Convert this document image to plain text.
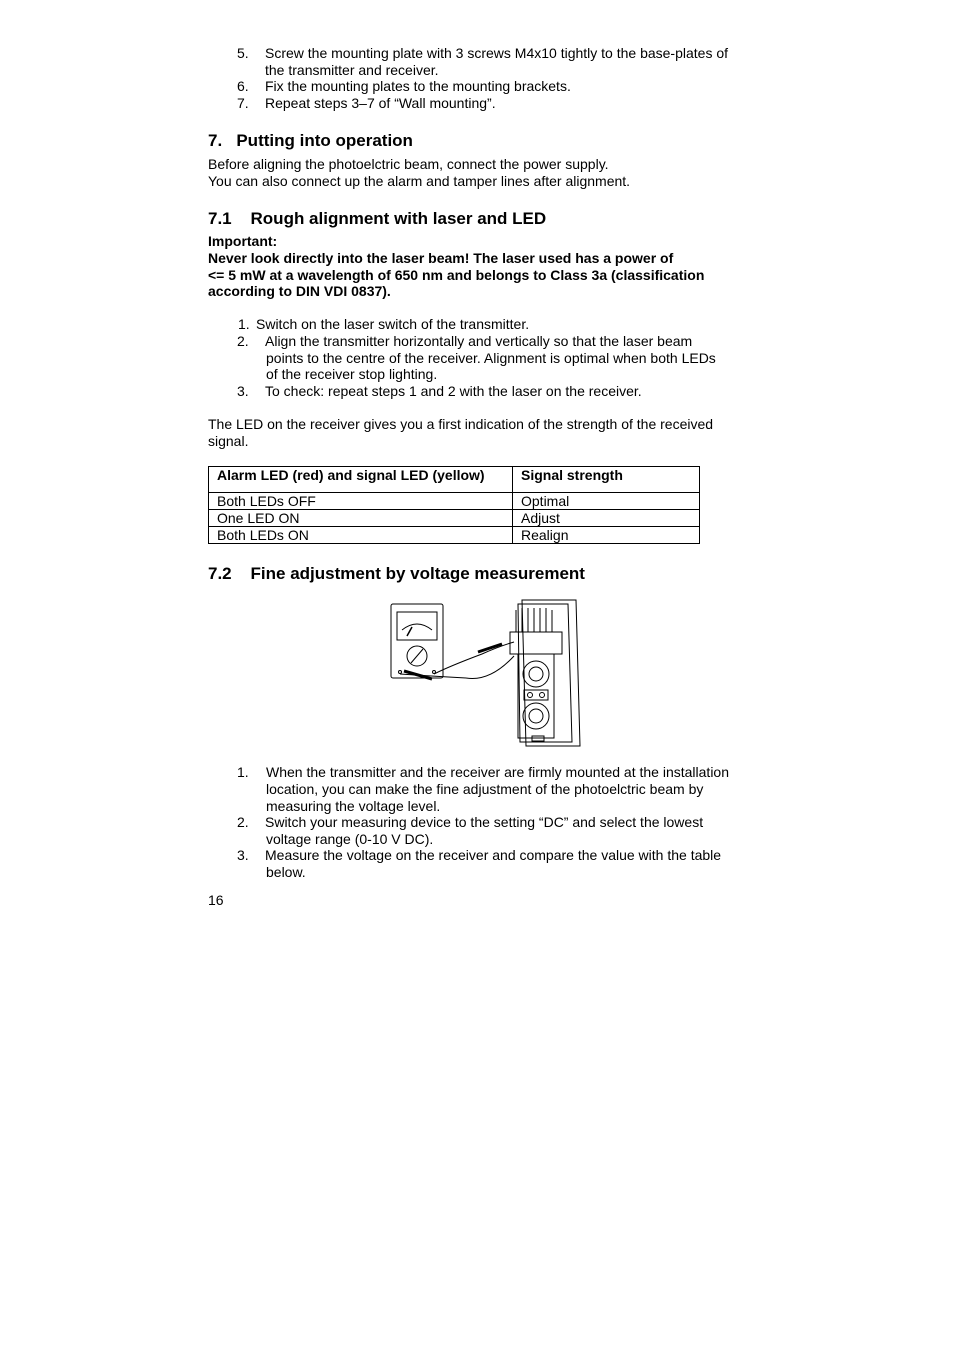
5. Screw the mounting plate with 3 screws M4x10 tightly to the base-plates of
the transmitter and receiver.
6. Fix the mounting plates to the mounting brackets.
7. Repeat steps 3–7 of “Wall mounting”.
7.   Putting into operation
Before aligning the photoelctric beam, connect the power supply.
You can also connect up the alarm and tamper lines after alignment.
7.1    Rough alignment with laser and LED
Important:
Never look directly into the laser beam! The laser used has a power of
<= 5 mW at a wavelength of 650 nm and belongs to Class 3a (classification
according to DIN VDI 0837).
1. Switch on the laser switch of the transmitter.
2. Align the transmitter horizontally and vertically so that the laser beam
points to the centre of the receiver. Alignment is optimal when both LEDs
of the receiver stop lighting.
3. To check: repeat steps 1 and 2 with the laser on the receiver.
The LED on the receiver gives you a first indication of the strength of the received
signal.
Alarm LED (red) and signal LED (yellow)	Signal strength
Both LEDs OFF	Optimal
One LED ON	Adjust
Both LEDs ON	Realign
7.2    Fine adjustment by voltage measurement
1. When the transmitter and the receiver are firmly mounted at the installation
location, you can make the fine adjustment of the photoelctric beam by
measuring the voltage level.
2. Switch your measuring device to the setting “DC” and select the lowest
voltage range (0-10 V DC).
3. Measure the voltage on the receiver and compare the value with the table
below.
16
